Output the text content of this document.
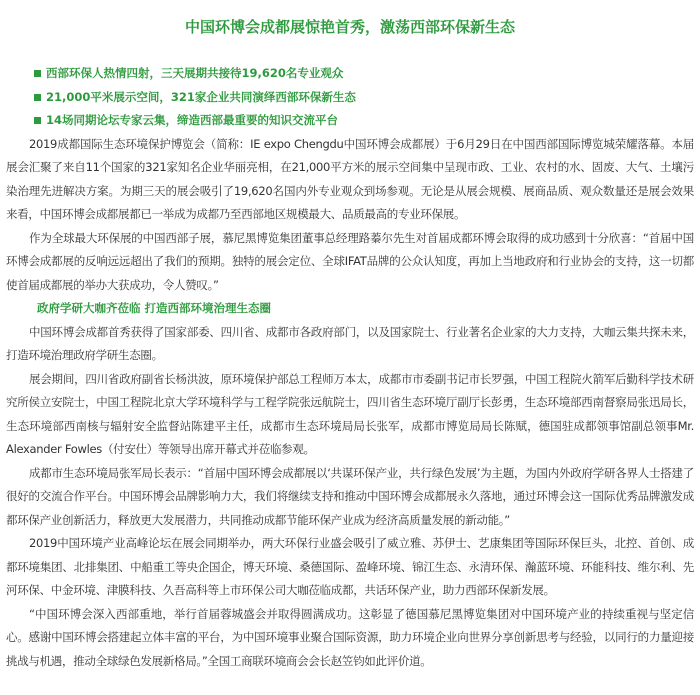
中国环博会成都展惊艳首秀，激荡西部环保新生态
西部环保人热情四射，三天展期共接待19,620名专业观众
21,000平米展示空间，321家企业共同演绎西部环保新生态
14场同期论坛专家云集，缔造西部最重要的知识交流平台

2019成都国际生态环境保护博览会（简称：IE expo Chengdu中国环博会成都展）于6月29日在中国西部国际博览城荣耀落幕。本届展会汇聚了来自11个国家的321家知名企业华丽亮相，在21,000平方米的展示空间集中呈现市政、工业、农村的水、固废、大气、土壤污染治理先进解决方案。为期三天的展会吸引了19,620名国内外专业观众到场参观。无论是从展会规模、展商品质、观众数量还是展会效果来看，中国环博会成都展都已一举成为成都乃至西部地区规模最大、品质最高的专业环保展。

作为全球最大环保展的中国西部子展，慕尼黑博览集团董事总经理路蓁尔先生对首届成都环博会取得的成功感到十分欣喜：“首届中国环博会成都展的反响远远超出了我们的预期。独特的展会定位、全球IFAT品牌的公众认知度，再加上当地政府和行业协会的支持，这一切都使首届成都展的举办大获成功，令人赞叹。”

政府学研大咖齐莅临 打造西部环境治理生态圈

中国环博会成都首秀获得了国家部委、四川省、成都市各政府部门，以及国家院士、行业著名企业家的大力支持，大咖云集共探未来，打造环境治理政府学研生态圈。

展会期间，四川省政府副省长杨洪波，原环境保护部总工程师万本太，成都市市委副书记市长罗强，中国工程院火箭军后勤科学技术研究所侯立安院士，中国工程院北京大学环境科学与工程学院张远航院士，四川省生态环境厅副厅长彭勇，生态环境部西南督察局张迅局长，生态环境部西南核与辐射安全监督站陈建平主任，成都市生态环境局局长张军，成都市博览局局长陈赋，德国驻成都领事馆副总领事Mr. Alexander Fowles（付安仕）等领导出席开幕式并莅临参观。

成都市生态环境局张军局长表示：“首届中国环博会成都展以‘共谋环保产业，共行绿色发展’为主题，为国内外政府学研各界人士搭建了很好的交流合作平台。中国环博会品牌影响力大，我们将继续支持和推动中国环博会成都展永久落地，通过环博会这一国际优秀品牌激发成都环保产业创新活力，释放更大发展潜力，共同推动成都节能环保产业成为经济高质量发展的新动能。”

2019中国环境产业高峰论坛在展会同期举办，两大环保行业盛会吸引了威立雅、苏伊士、艺康集团等国际环保巨头，北控、首创、成都环境集团、北排集团、中船重工等央企国企，博天环境、桑德国际、盈峰环境、锦江生态、永清环保、瀚蓝环境、环能科技、维尔利、先河环保、中金环境、津膜科技、久吾高科等上市环保公司大咖莅临成都，共话环保产业，助力西部环保新发展。

“中国环博会深入西部重地，举行首届蓉城盛会并取得圆满成功。这彰显了德国慕尼黑博览集团对中国环境产业的持续重视与坚定信心。感谢中国环博会搭建起立体丰富的平台，为中国环境事业聚合国际资源，助力环境企业向世界分享创新思考与经验，以同行的力量迎接挑战与机遇，推动全球绿色发展新格局。”全国工商联环境商会会长赵笠钧如此评价道。
